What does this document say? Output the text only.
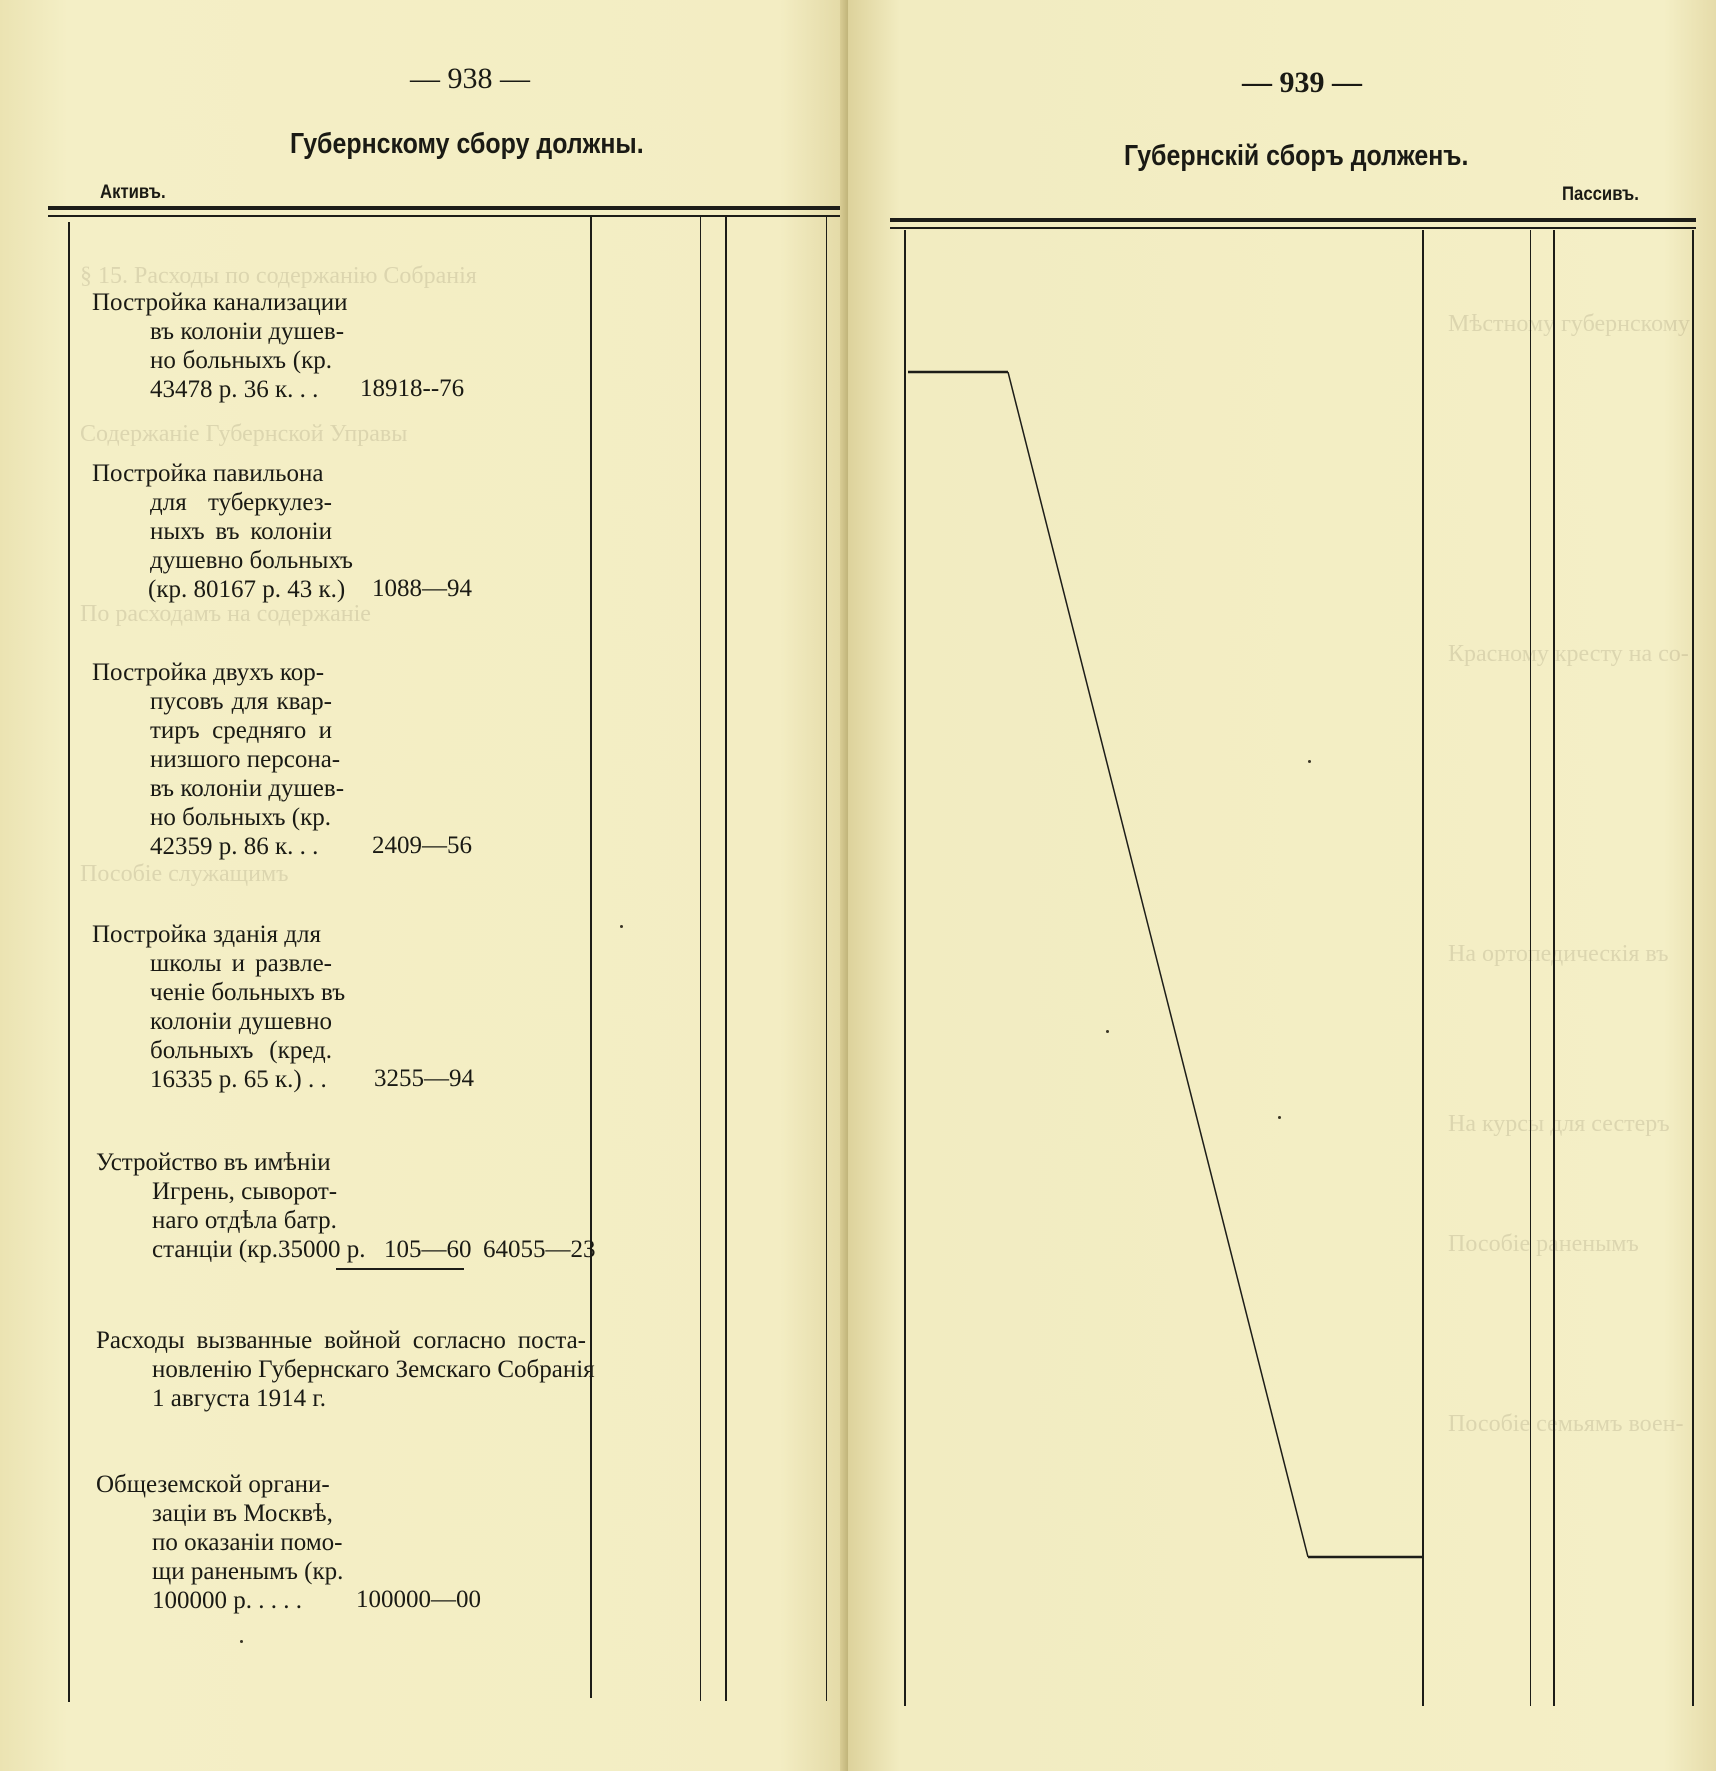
— 938 —
Губернскому сбору должны.
Активъ.
§ 15. Расходы по содержанію Собранія
Содержаніе Губернской Управы
По расходамъ на содержаніе
Пособіе служащимъ
Постройка канализации
въ колоніи душев-
но больныхъ (кр.
43478 р. 36 к. . .	18918--76
Постройка павильона
для туберкулез-
ныхъ въ колоніи
душевно больныхъ
(кр. 80167 р. 43 к.) 1088—94
Постройка двухъ кор-
пусовъ для квар-
тиръ средняго и
низшого персона-
въ колоніи душев-
но больныхъ (кр.
42359 р. 86 к. . .	2409—56
Постройка зданія для
школы и развле-
ченіе больныхъ въ
колоніи душевно
больныхъ (кред.
16335 р. 65 к.) . . 3255—94
Устройство въ имѣніи
Игрень, сыворот-
наго отдѣла батр.
станціи (кр.35000 р. 105—60 64055—23
Расходы вызванные войной согласно поста-
новленію Губернскаго Земскаго Собранія
1 августа 1914 г.
Общеземской органи-
заціи въ Москвѣ,
по оказаніи помо-
щи раненымъ (кр.
100000 р. . . . .	100000—00
— 939 —
Губернскій сборъ долженъ.
Пассивъ.
Мѣстному губернскому
Красному кресту на со-
На ортопедическія въ
На курсы для сестеръ
Пособіе раненымъ
Пособіе семьямъ воен-
